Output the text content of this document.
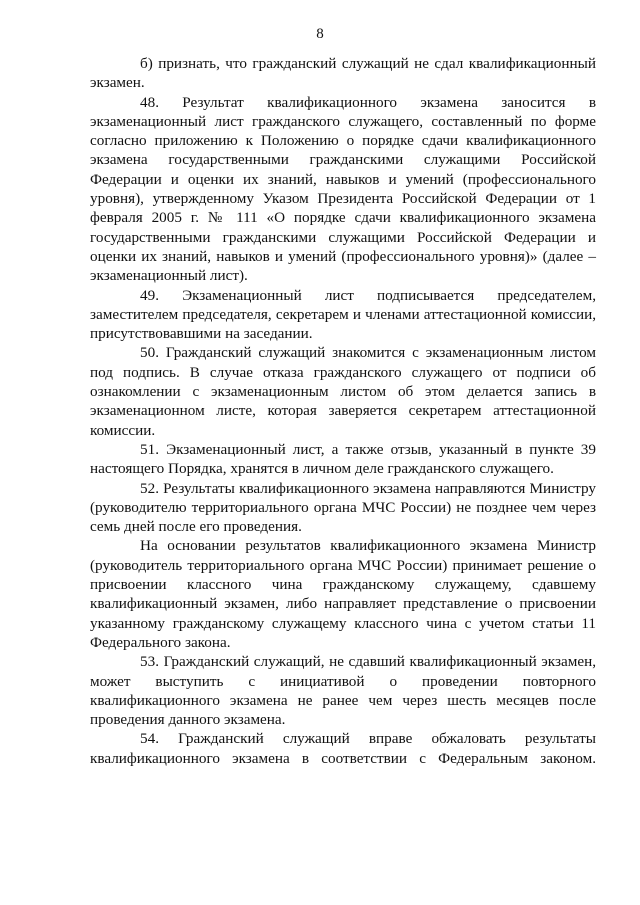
8

б) признать, что гражданский служащий не сдал квалификационный экзамен.

48. Результат квалификационного экзамена заносится в экзаменационный лист гражданского служащего, составленный по форме согласно приложению к Положению о порядке сдачи квалификационного экзамена государственными гражданскими служащими Российской Федерации и оценки их знаний, навыков и умений (профессионального уровня), утвержденному Указом Президента Российской Федерации от 1 февраля 2005 г. № 111 «О порядке сдачи квалификационного экзамена государственными гражданскими служащими Российской Федерации и оценки их знаний, навыков и умений (профессионального уровня)» (далее – экзаменационный лист).

49. Экзаменационный лист подписывается председателем, заместителем председателя, секретарем и членами аттестационной комиссии, присутствовавшими на заседании.

50. Гражданский служащий знакомится с экзаменационным листом под подпись. В случае отказа гражданского служащего от подписи об ознакомлении с экзаменационным листом об этом делается запись в экзаменационном листе, которая заверяется секретарем аттестационной комиссии.

51. Экзаменационный лист, а также отзыв, указанный в пункте 39 настоящего Порядка, хранятся в личном деле гражданского служащего.

52. Результаты квалификационного экзамена направляются Министру (руководителю территориального органа МЧС России) не позднее чем через семь дней после его проведения.

На основании результатов квалификационного экзамена Министр (руководитель территориального органа МЧС России) принимает решение о присвоении классного чина гражданскому служащему, сдавшему квалификационный экзамен, либо направляет представление о присвоении указанному гражданскому служащему классного чина с учетом статьи 11 Федерального закона.

53. Гражданский служащий, не сдавший квалификационный экзамен, может выступить с инициативой о проведении повторного квалификационного экзамена не ранее чем через шесть месяцев после проведения данного экзамена.

54. Гражданский служащий вправе обжаловать результаты квалификационного экзамена в соответствии с Федеральным законом.
